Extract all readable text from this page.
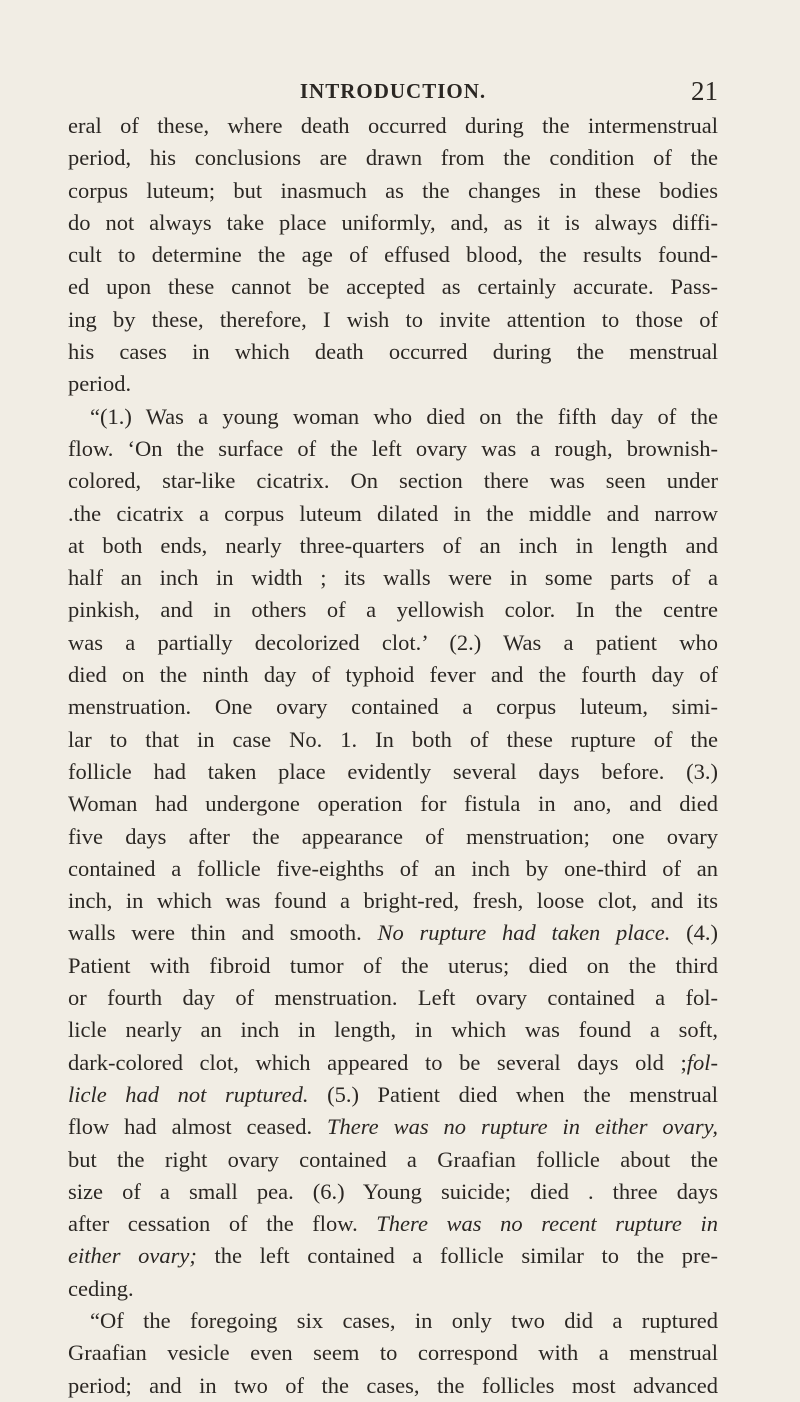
INTRODUCTION.	21
eral of these, where death occurred during the intermenstrual
period, his conclusions are drawn from the condition of the
corpus luteum; but inasmuch as the changes in these bodies
do not always take place uniformly, and, as it is always diffi-
cult to determine the age of effused blood, the results found-
ed upon these cannot be accepted as certainly accurate. Pass-
ing by these, therefore, I wish to invite attention to those of
his cases in which death occurred during the menstrual
period.
“(1.) Was a young woman who died on the fifth day of the
flow. ‘On the surface of the left ovary was a rough, brownish-
colored, star-like cicatrix. On section there was seen under
.the cicatrix a corpus luteum dilated in the middle and narrow
at both ends, nearly three-quarters of an inch in length and
half an inch in width ; its walls were in some parts of a
pinkish, and in others of a yellowish color. In the centre
was a partially decolorized clot.’ (2.) Was a patient who
died on the ninth day of typhoid fever and the fourth day of
menstruation. One ovary contained a corpus luteum, simi-
lar to that in case No. 1. In both of these rupture of the
follicle had taken place evidently several days before. (3.)
Woman had undergone operation for fistula in ano, and died
five days after the appearance of menstruation; one ovary
contained a follicle five-eighths of an inch by one-third of an
inch, in which was found a bright-red, fresh, loose clot, and its
walls were thin and smooth. No rupture had taken place. (4.)
Patient with fibroid tumor of the uterus; died on the third
or fourth day of menstruation. Left ovary contained a fol-
licle nearly an inch in length, in which was found a soft,
dark-colored clot, which appeared to be several days old ;fol-
licle had not ruptured. (5.) Patient died when the menstrual
flow had almost ceased. There was no rupture in either ovary,
but the right ovary contained a Graafian follicle about the
size of a small pea. (6.) Young suicide; died . three days
after cessation of the flow. There was no recent rupture in
either ovary; the left contained a follicle similar to the pre-
ceding.
“Of the foregoing six cases, in only two did a ruptured
Graafian vesicle even seem to correspond with a menstrual
period; and in two of the cases, the follicles most advanced
